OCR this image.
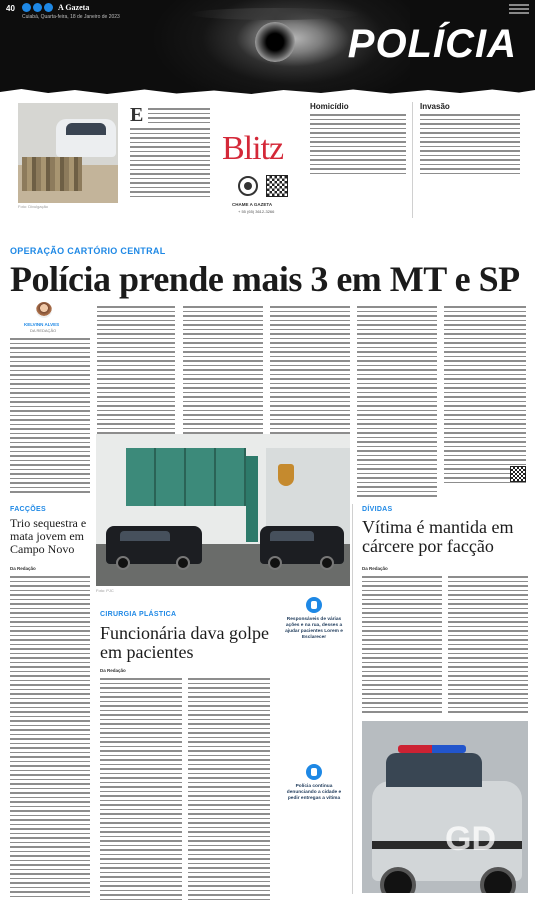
40	A Gazeta
Cuiabá, Quarta-feira, 18 de Janeiro de 2023
POLÍCIA
Foto: Divulgação
E
Blitz
CHAME A GAZETA
+ 55 (65) 3612-3266
Homicídio	Invasão
OPERAÇÃO CARTÓRIO CENTRAL
Polícia prende mais 3 em MT e SP
KELVINN ALVES
DA REDAÇÃO
Foto: PJC
FACÇÕES
Trio sequestra e mata jovem em Campo Novo
Da Redação
CIRURGIA PLÁSTICA
Funcionária dava golpe em pacientes
Da Redação
Responsáveis de várias ações e na rua, desses a ajudar pacientes Lorem e Esclarecer
Polícia continua denunciando a cidade e pedir entregas a vítima
DÍVIDAS
Vítima é mantida em cárcere por facção
Da Redação
GD
